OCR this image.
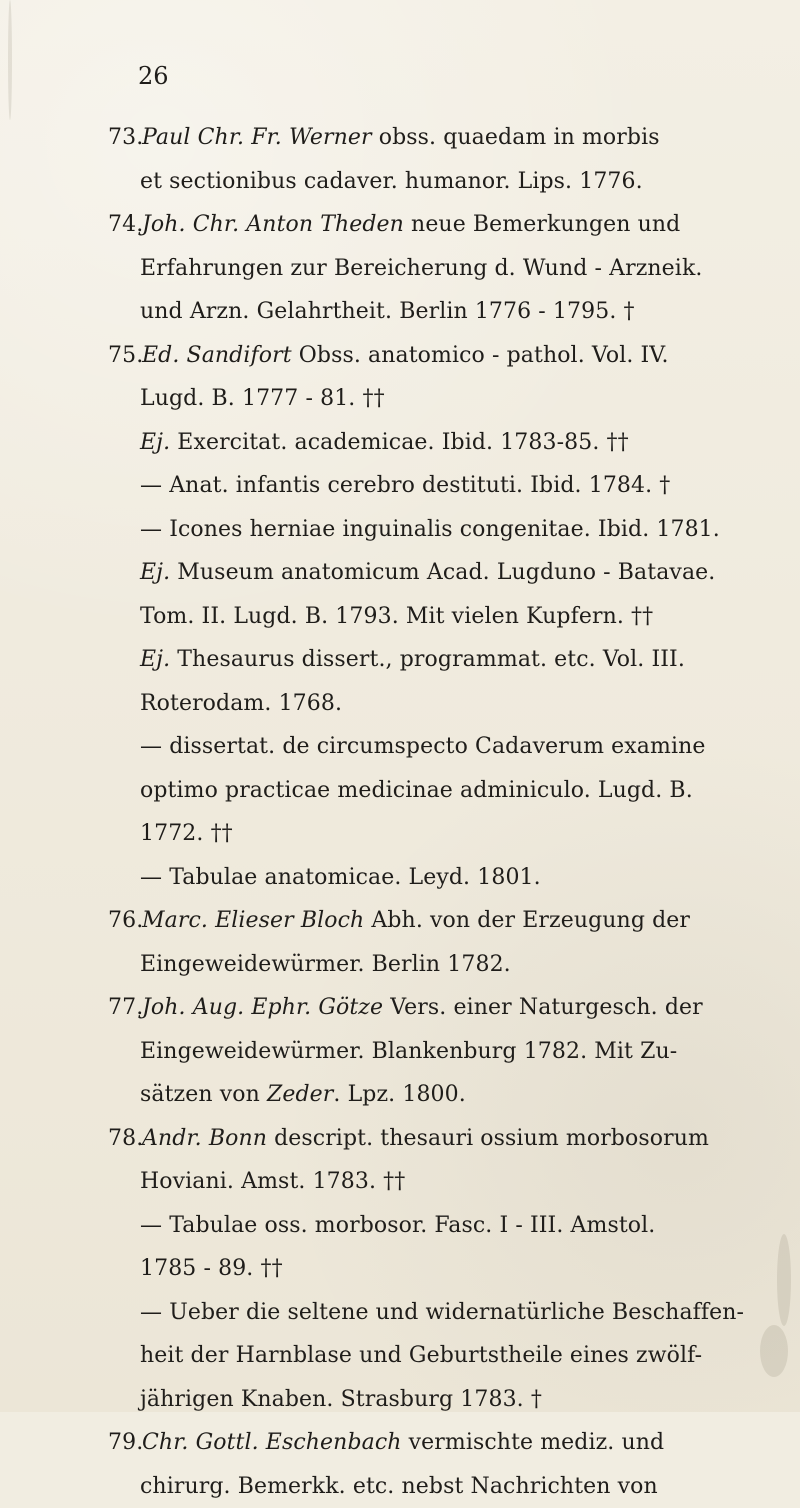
26
73.Paul Chr. Fr. Werner obss. quaedam in morbis
et sectionibus cadaver. humanor. Lips. 1776.
74.Joh. Chr. Anton Theden neue Bemerkungen und
Erfahrungen zur Bereicherung d. Wund - Arzneik.
und Arzn. Gelahrtheit. Berlin 1776 - 1795. †
75.Ed. Sandifort Obss. anatomico - pathol. Vol. IV.
Lugd. B. 1777 - 81. ††
Ej. Exercitat. academicae. Ibid. 1783-85. ††
— Anat. infantis cerebro destituti. Ibid. 1784. †
— Icones herniae inguinalis congenitae. Ibid. 1781.
Ej. Museum anatomicum Acad. Lugduno - Batavae.
Tom. II. Lugd. B. 1793. Mit vielen Kupfern. ††
Ej. Thesaurus dissert., programmat. etc. Vol. III.
Roterodam. 1768.
— dissertat. de circumspecto Cadaverum examine
optimo practicae medicinae adminiculo. Lugd. B.
1772. ††
— Tabulae anatomicae. Leyd. 1801.
76.Marc. Elieser Bloch Abh. von der Erzeugung der
Eingeweidewürmer. Berlin 1782.
77.Joh. Aug. Ephr. Götze Vers. einer Naturgesch. der
Eingeweidewürmer. Blankenburg 1782. Mit Zu-
sätzen von Zeder. Lpz. 1800.
78.Andr. Bonn descript. thesauri ossium morbosorum
Hoviani. Amst. 1783. ††
— Tabulae oss. morbosor. Fasc. I - III. Amstol.
1785 - 89. ††
— Ueber die seltene und widernatürliche Beschaffen-
heit der Harnblase und Geburtstheile eines zwölf-
jährigen Knaben. Strasburg 1783. †
79.Chr. Gottl. Eschenbach vermischte mediz. und
chirurg. Bemerkk. etc. nebst Nachrichten von
